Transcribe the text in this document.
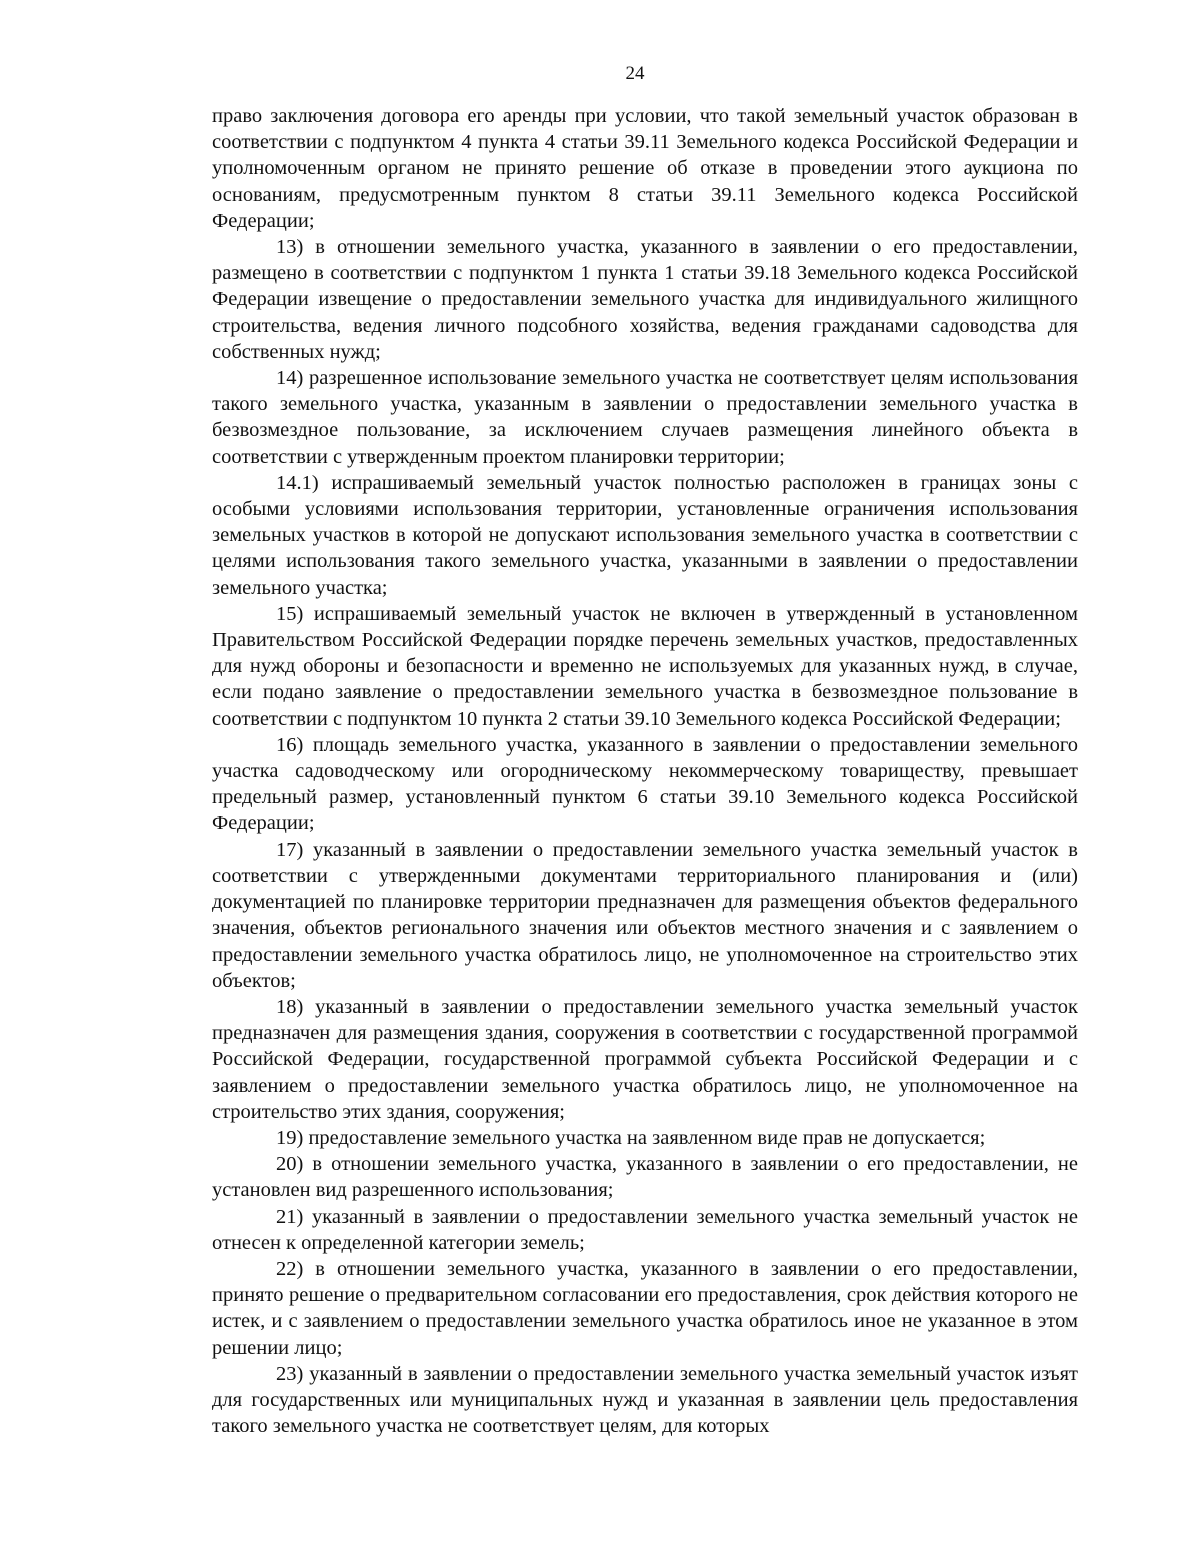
24

право заключения договора его аренды при условии, что такой земельный участок образован в соответствии с подпунктом 4 пункта 4 статьи 39.11 Земельного кодекса Российской Федерации и уполномоченным органом не принято решение об отказе в проведении этого аукциона по основаниям, предусмотренным пунктом 8 статьи 39.11 Земельного кодекса Российской Федерации;

13) в отношении земельного участка, указанного в заявлении о его предоставлении, размещено в соответствии с подпунктом 1 пункта 1 статьи 39.18 Земельного кодекса Российской Федерации извещение о предоставлении земельного участка для индивидуального жилищного строительства, ведения личного подсобного хозяйства, ведения гражданами садоводства для собственных нужд;

14) разрешенное использование земельного участка не соответствует целям использования такого земельного участка, указанным в заявлении о предоставлении земельного участка в безвозмездное пользование, за исключением случаев размещения линейного объекта в соответствии с утвержденным проектом планировки территории;

14.1) испрашиваемый земельный участок полностью расположен в границах зоны с особыми условиями использования территории, установленные ограничения использования земельных участков в которой не допускают использования земельного участка в соответствии с целями использования такого земельного участка, указанными в заявлении о предоставлении земельного участка;

15) испрашиваемый земельный участок не включен в утвержденный в установленном Правительством Российской Федерации порядке перечень земельных участков, предоставленных для нужд обороны и безопасности и временно не используемых для указанных нужд, в случае, если подано заявление о предоставлении земельного участка в безвозмездное пользование в соответствии с подпунктом 10 пункта 2 статьи 39.10 Земельного кодекса Российской Федерации;

16) площадь земельного участка, указанного в заявлении о предоставлении земельного участка садоводческому или огородническому некоммерческому товариществу, превышает предельный размер, установленный пунктом 6 статьи 39.10 Земельного кодекса Российской Федерации;

17) указанный в заявлении о предоставлении земельного участка земельный участок в соответствии с утвержденными документами территориального планирования и (или) документацией по планировке территории предназначен для размещения объектов федерального значения, объектов регионального значения или объектов местного значения и с заявлением о предоставлении земельного участка обратилось лицо, не уполномоченное на строительство этих объектов;

18) указанный в заявлении о предоставлении земельного участка земельный участок предназначен для размещения здания, сооружения в соответствии с государственной программой Российской Федерации, государственной программой субъекта Российской Федерации и с заявлением о предоставлении земельного участка обратилось лицо, не уполномоченное на строительство этих здания, сооружения;

19) предоставление земельного участка на заявленном виде прав не допускается;

20) в отношении земельного участка, указанного в заявлении о его предоставлении, не установлен вид разрешенного использования;

21) указанный в заявлении о предоставлении земельного участка земельный участок не отнесен к определенной категории земель;

22) в отношении земельного участка, указанного в заявлении о его предоставлении, принято решение о предварительном согласовании его предоставления, срок действия которого не истек, и с заявлением о предоставлении земельного участка обратилось иное не указанное в этом решении лицо;

23) указанный в заявлении о предоставлении земельного участка земельный участок изъят для государственных или муниципальных нужд и указанная в заявлении цель предоставления такого земельного участка не соответствует целям, для которых
